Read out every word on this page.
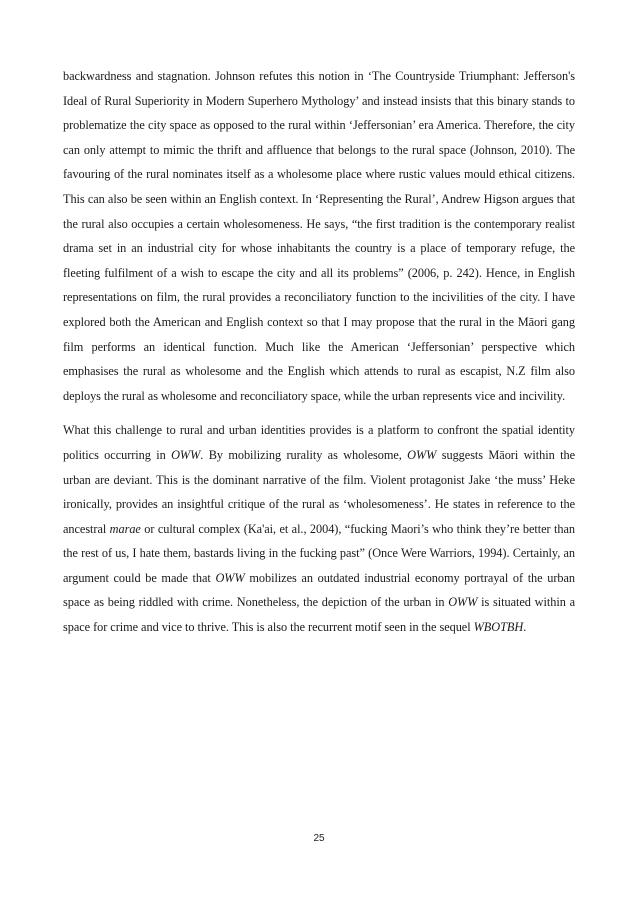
backwardness and stagnation. Johnson refutes this notion in ‘The Countryside Triumphant: Jefferson's Ideal of Rural Superiority in Modern Superhero Mythology’ and instead insists that this binary stands to problematize the city space as opposed to the rural within ‘Jeffersonian’ era America. Therefore, the city can only attempt to mimic the thrift and affluence that belongs to the rural space (Johnson, 2010). The favouring of the rural nominates itself as a wholesome place where rustic values mould ethical citizens. This can also be seen within an English context. In ‘Representing the Rural’, Andrew Higson argues that the rural also occupies a certain wholesomeness. He says, “the first tradition is the contemporary realist drama set in an industrial city for whose inhabitants the country is a place of temporary refuge, the fleeting fulfilment of a wish to escape the city and all its problems” (2006, p. 242). Hence, in English representations on film, the rural provides a reconciliatory function to the incivilities of the city. I have explored both the American and English context so that I may propose that the rural in the Māori gang film performs an identical function. Much like the American ‘Jeffersonian’ perspective which emphasises the rural as wholesome and the English which attends to rural as escapist, N.Z film also deploys the rural as wholesome and reconciliatory space, while the urban represents vice and incivility.

What this challenge to rural and urban identities provides is a platform to confront the spatial identity politics occurring in OWW. By mobilizing rurality as wholesome, OWW suggests Māori within the urban are deviant. This is the dominant narrative of the film. Violent protagonist Jake ‘the muss’ Heke ironically, provides an insightful critique of the rural as ‘wholesomeness’. He states in reference to the ancestral marae or cultural complex (Ka'ai, et al., 2004), “fucking Maori’s who think they’re better than the rest of us, I hate them, bastards living in the fucking past” (Once Were Warriors, 1994). Certainly, an argument could be made that OWW mobilizes an outdated industrial economy portrayal of the urban space as being riddled with crime. Nonetheless, the depiction of the urban in OWW is situated within a space for crime and vice to thrive. This is also the recurrent motif seen in the sequel WBOTBH.

25
